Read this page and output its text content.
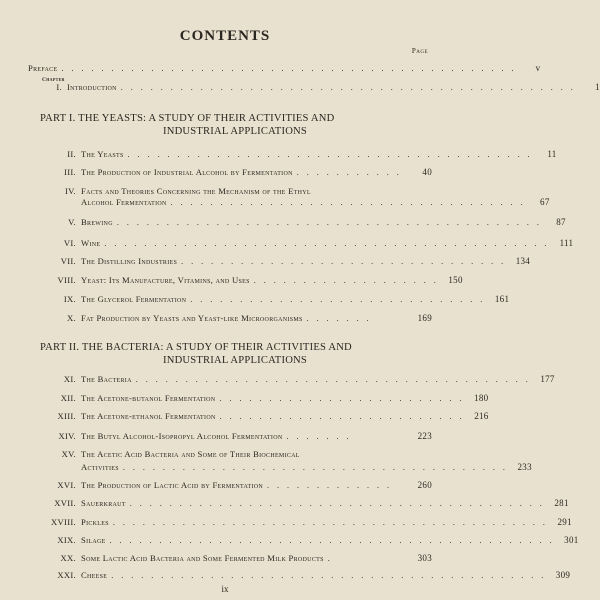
CONTENTS
Page
Preface . . . . . . . . . . . . . . . . . . . . . . . . . . . . . . . . . . . . . . . . . . . . . .	v
Chapter
I. Introduction . . . . . . . . . . . . . . . . . . . . . . . . . . . . . . . . . . . . . . . . . . . . . .	1
PART I. THE YEASTS: A STUDY OF THEIR ACTIVITIES AND
INDUSTRIAL APPLICATIONS
II. The Yeasts . . . . . . . . . . . . . . . . . . . . . . . . . . . . . . . . . . . . . . . . .	11
III. The Production of Industrial Alcohol by Fermentation . . . . . . . . . . .	40
IV. Facts and Theories Concerning the Mechanism of the Ethyl
Alcohol Fermentation . . . . . . . . . . . . . . . . . . . . . . . . . . . . . . . . . . . .	67
V. Brewing . . . . . . . . . . . . . . . . . . . . . . . . . . . . . . . . . . . . . . . . . . .	87
VI. Wine . . . . . . . . . . . . . . . . . . . . . . . . . . . . . . . . . . . . . . . . . . . . .	111
VII. The Distilling Industries . . . . . . . . . . . . . . . . . . . . . . . . . . . . . . . . .	134
VIII. Yeast: Its Manufacture, Vitamins, and Uses . . . . . . . . . . . . . . . . . . .	150
IX. The Glycerol Fermentation . . . . . . . . . . . . . . . . . . . . . . . . . . . . . .	161
X. Fat Production by Yeasts and Yeast-like Microorganisms . . . . . . .	169
PART II. THE BACTERIA: A STUDY OF THEIR ACTIVITIES AND
INDUSTRIAL APPLICATIONS
XI. The Bacteria . . . . . . . . . . . . . . . . . . . . . . . . . . . . . . . . . . . . . . . .	177
XII. The Acetone-butanol Fermentation . . . . . . . . . . . . . . . . . . . . . . . . .	180
XIII. The Acetone-ethanol Fermentation . . . . . . . . . . . . . . . . . . . . . . . . .	216
XIV. The Butyl Alcohol-Isopropyl Alcohol Fermentation . . . . . . .	223
XV. The Acetic Acid Bacteria and Some of Their Biochemical
Activities . . . . . . . . . . . . . . . . . . . . . . . . . . . . . . . . . . . . . . .	233
XVI. The Production of Lactic Acid by Fermentation . . . . . . . . . . . . .	260
XVII. Sauerkraut . . . . . . . . . . . . . . . . . . . . . . . . . . . . . . . . . . . . . . . . . .	281
XVIII. Pickles . . . . . . . . . . . . . . . . . . . . . . . . . . . . . . . . . . . . . . . . . . . .	291
XIX. Silage . . . . . . . . . . . . . . . . . . . . . . . . . . . . . . . . . . . . . . . . . . . . .	301
XX. Some Lactic Acid Bacteria and Some Fermented Milk Products .	303
XXI. Cheese . . . . . . . . . . . . . . . . . . . . . . . . . . . . . . . . . . . . . . . . . . . .	309
ix
